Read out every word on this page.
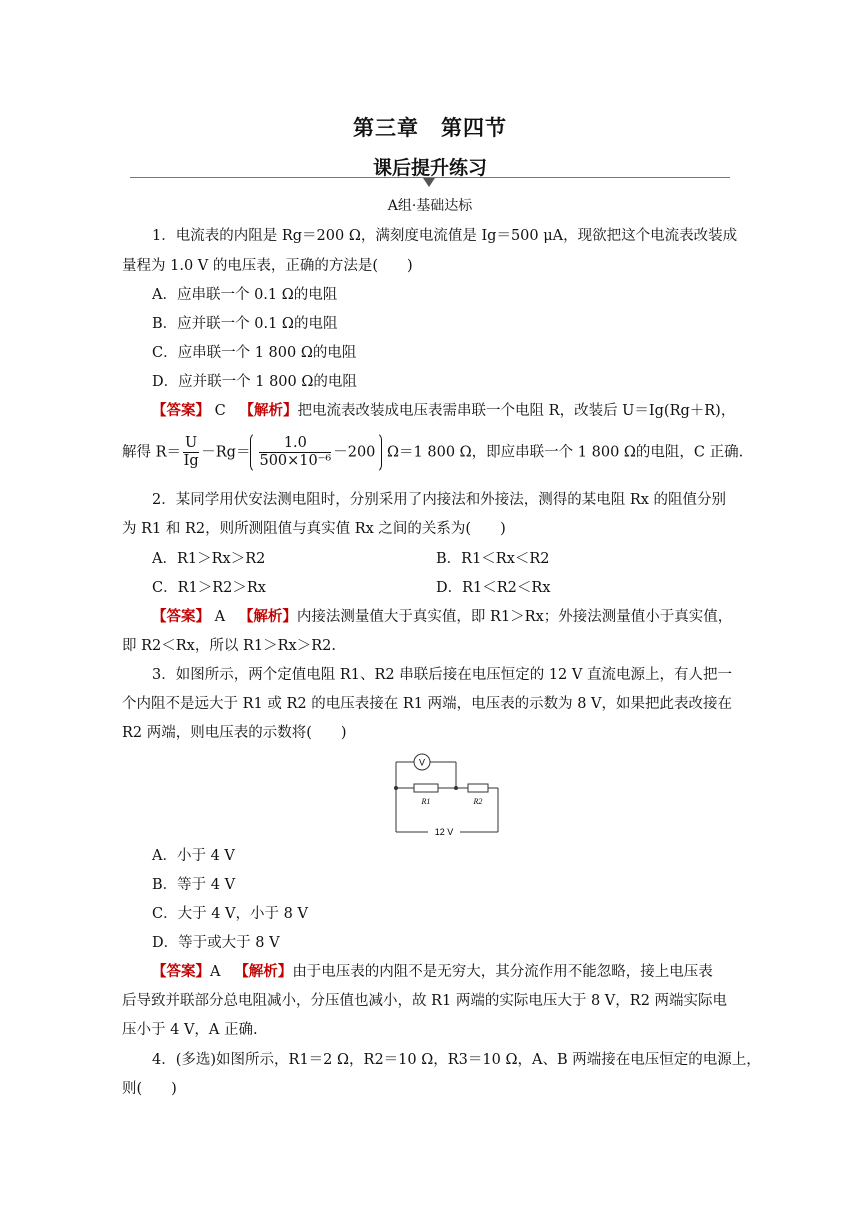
第三章　第四节
课后提升练习
A组·基础达标
1．电流表的内阻是 Rg＝200 Ω，满刻度电流值是 Ig＝500 μA，现欲把这个电流表改装成
量程为 1.0 V 的电压表，正确的方法是(　　)
A．应串联一个 0.1 Ω的电阻
B．应并联一个 0.1 Ω的电阻
C．应串联一个 1 800 Ω的电阻
D．应并联一个 1 800 Ω的电阻
【答案】 C 【解析】把电流表改装成电压表需串联一个电阻 R，改装后 U＝Ig(Rg＋R)，
解得 $R= \frac{U}{Ig} -Rg= \frac{1.0}{\text{500×10⁻⁶}} -200$ Ω＝1 800 Ω，即应串联一个 1 800 Ω的电阻，C 正确.
2．某同学用伏安法测电阻时，分别采用了内接法和外接法，测得的某电阻 Rx 的阻值分别
为 R1 和 R2，则所测阻值与真实值 Rx 之间的关系为(　　)
A．R1＞Rx＞R2	B．R1＜Rx＜R2
C．R1＞R2＞Rx	D．R1＜R2＜Rx
【答案】 A 【解析】内接法测量值大于真实值，即 R1＞Rx；外接法测量值小于真实值，
即 R2＜Rx，所以 R1＞Rx＞R2.
3．如图所示，两个定值电阻 R1、R2 串联后接在电压恒定的 12 V 直流电源上，有人把一
个内阻不是远大于 R1 或 R2 的电压表接在 R1 两端，电压表的示数为 8 V，如果把此表改接在
R2 两端，则电压表的示数将(　　)
V
R1	R2
12 V
A．小于 4 V
B．等于 4 V
C．大于 4 V，小于 8 V
D．等于或大于 8 V
【答案】A 【解析】由于电压表的内阻不是无穷大，其分流作用不能忽略，接上电压表
后导致并联部分总电阻减小，分压值也减小，故 R1 两端的实际电压大于 8 V，R2 两端实际电
压小于 4 V，A 正确.
4．(多选)如图所示，R1＝2 Ω，R2＝10 Ω，R3＝10 Ω，A、B 两端接在电压恒定的电源上，
则(　　)
